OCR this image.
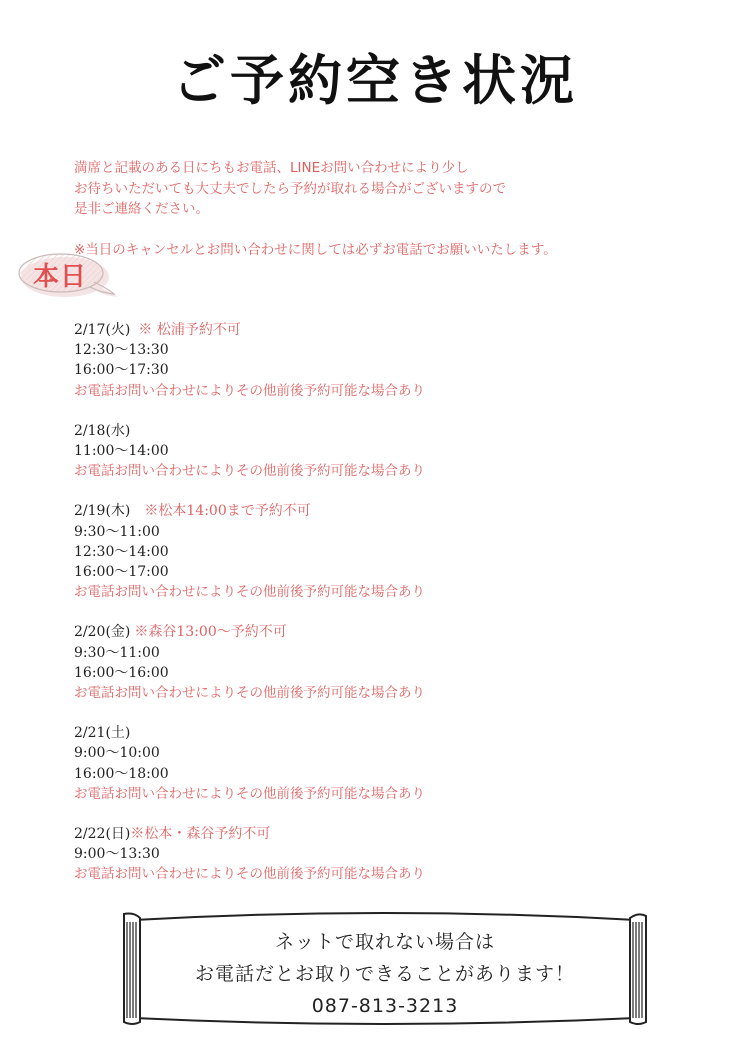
ご予約空き状況
満席と記載のある日にちもお電話、LINEお問い合わせにより少し
お待ちいただいても大丈夫でしたら予約が取れる場合がございますので
是非ご連絡ください。
※当日のキャンセルとお問い合わせに関しては必ずお電話でお願いいたします。
本日
2/17(火) ※ 松浦予約不可
12:30〜13:30
16:00〜17:30
お電話お問い合わせによりその他前後予約可能な場合あり
2/18(水)
11:00〜14:00
お電話お問い合わせによりその他前後予約可能な場合あり
2/19(木) ※松本14:00まで予約不可
9:30〜11:00
12:30〜14:00
16:00〜17:00
お電話お問い合わせによりその他前後予約可能な場合あり
2/20(金) ※森谷13:00〜予約不可
9:30〜11:00
16:00〜16:00
お電話お問い合わせによりその他前後予約可能な場合あり
2/21(土)
9:00〜10:00
16:00〜18:00
お電話お問い合わせによりその他前後予約可能な場合あり
2/22(日)※松本・森谷予約不可
9:00〜13:30
お電話お問い合わせによりその他前後予約可能な場合あり
ネットで取れない場合は
お電話だとお取りできることがあります！
087-813-3213
